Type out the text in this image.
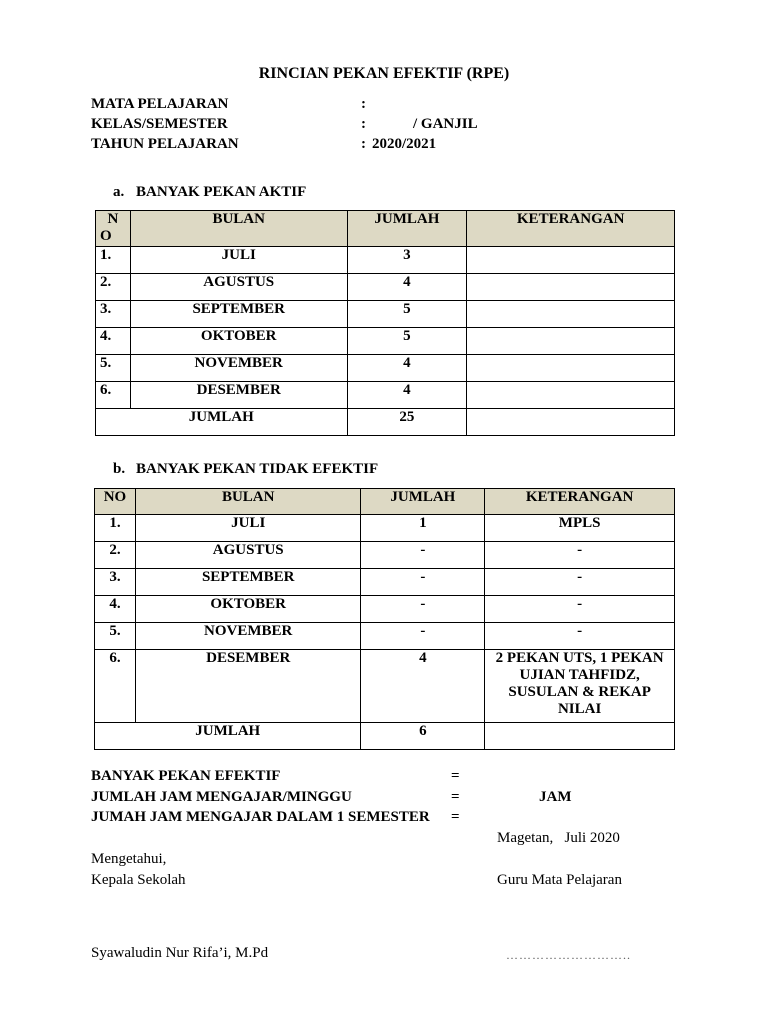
RINCIAN PEKAN EFEKTIF (RPE)
MATA PELAJARAN	:
KELAS/SEMESTER	:	/ GANJIL
TAHUN PELAJARAN	: 2020/2021
a. BANYAK PEKAN AKTIF
N
O	BULAN	JUMLAH	KETERANGAN
1.	JULI	3	
2.	AGUSTUS	4	
3.	SEPTEMBER	5	
4.	OKTOBER	5	
5.	NOVEMBER	4	
6.	DESEMBER	4	
JUMLAH		25	
b. BANYAK PEKAN TIDAK EFEKTIF
NO	BULAN	JUMLAH	KETERANGAN
1.	JULI	1	MPLS
2.	AGUSTUS	-	-
3.	SEPTEMBER	-	-
4.	OKTOBER	-	-
5.	NOVEMBER	-	-
6.	DESEMBER	4	2 PEKAN UTS, 1 PEKAN UJIAN TAHFIDZ, SUSULAN & REKAP NILAI
JUMLAH		6	
BANYAK PEKAN EFEKTIF	=
JUMLAH JAM MENGAJAR/MINGGU	=	JAM
JUMAH JAM MENGAJAR DALAM 1 SEMESTER =
Magetan,   Juli 2020
Mengetahui,
Kepala Sekolah	Guru Mata Pelajaran
Syawaludin Nur Rifa’i, M.Pd	………………………..
